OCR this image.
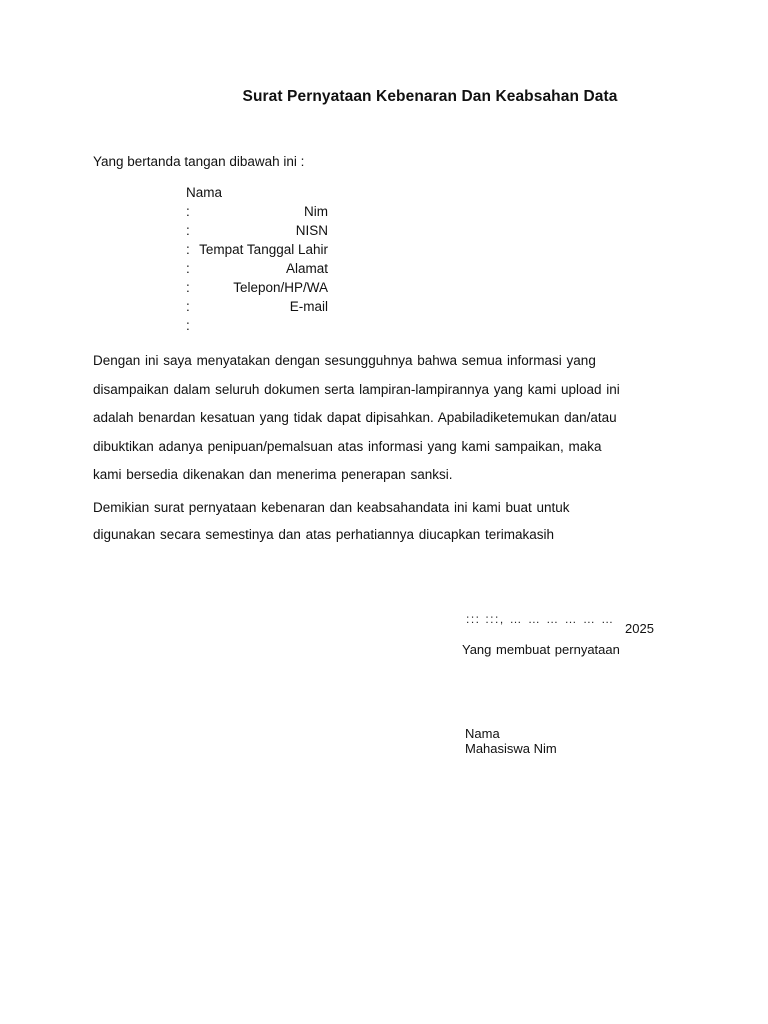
Surat Pernyataan Kebenaran Dan Keabsahan Data
Yang bertanda tangan dibawah ini :
Nama
:	Nim
:	NISN
: Tempat Tanggal Lahir
:	Alamat
:	Telepon/HP/WA
:	E-mail
:
Dengan ini saya menyatakan dengan sesungguhnya bahwa semua informasi yang
disampaikan dalam seluruh dokumen serta lampiran-lampirannya yang kami upload ini
adalah benardan kesatuan yang tidak dapat dipisahkan. Apabiladiketemukan dan/atau
dibuktikan adanya penipuan/pemalsuan atas informasi yang kami sampaikan, maka
kami bersedia dikenakan dan menerima penerapan sanksi.
Demikian surat pernyataan kebenaran dan keabsahandata ini kami buat untuk
digunakan secara semestinya dan atas perhatiannya diucapkan terimakasih
::: :::, … … … … … …
2025
Yang membuat pernyataan
Nama
Mahasiswa Nim
